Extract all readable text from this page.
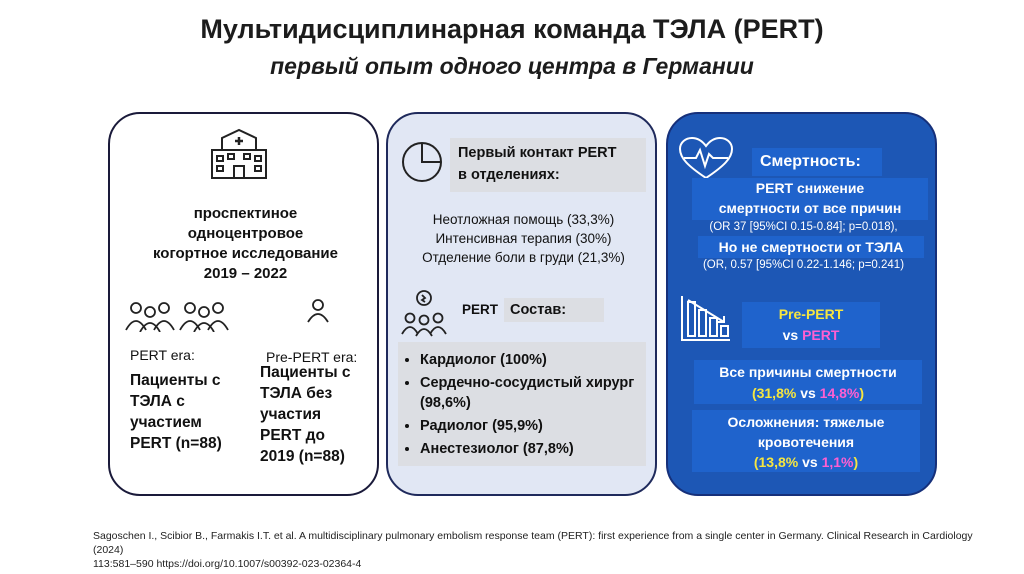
Мультидисциплинарная команда ТЭЛА (PERT)
первый опыт одного центра в Германии
проспектиное
одноцентровое
когортное исследование
2019 – 2022
PERT era:
Пациенты с
ТЭЛА с
участием
PERT (n=88)
Pre-PERT era:
Пациенты с
ТЭЛА без
участия
PERT до
2019 (n=88)
Первый контакт PERT
в отделениях:
Неотложная помощь (33,3%)
Интенсивная терапия (30%)
Отделение боли в груди (21,3%)
PERT Состав:
• Кардиолог (100%)
• Сердечно-сосудистый хирург (98,6%)
• Радиолог (95,9%)
• Анестезиолог (87,8%)
Смертность:
PERT снижение
смертности от все причин
(OR 37 [95%CI 0.15-0.84]; p=0.018),
Но не смертности от ТЭЛА
(OR, 0.57 [95%CI 0.22-1.146; p=0.241)
Pre-PERT
vs PERT
Все причины смертности
(31,8% vs 14,8%)
Осложнения: тяжелые
кровотечения
(13,8% vs 1,1%)
Sagoschen I., Scibior B., Farmakis I.T. et al. A multidisciplinary pulmonary embolism response team (PERT): first experience from a single center in Germany. Clinical Research in Cardiology (2024)
113:581–590 https://doi.org/10.1007/s00392-023-02364-4
